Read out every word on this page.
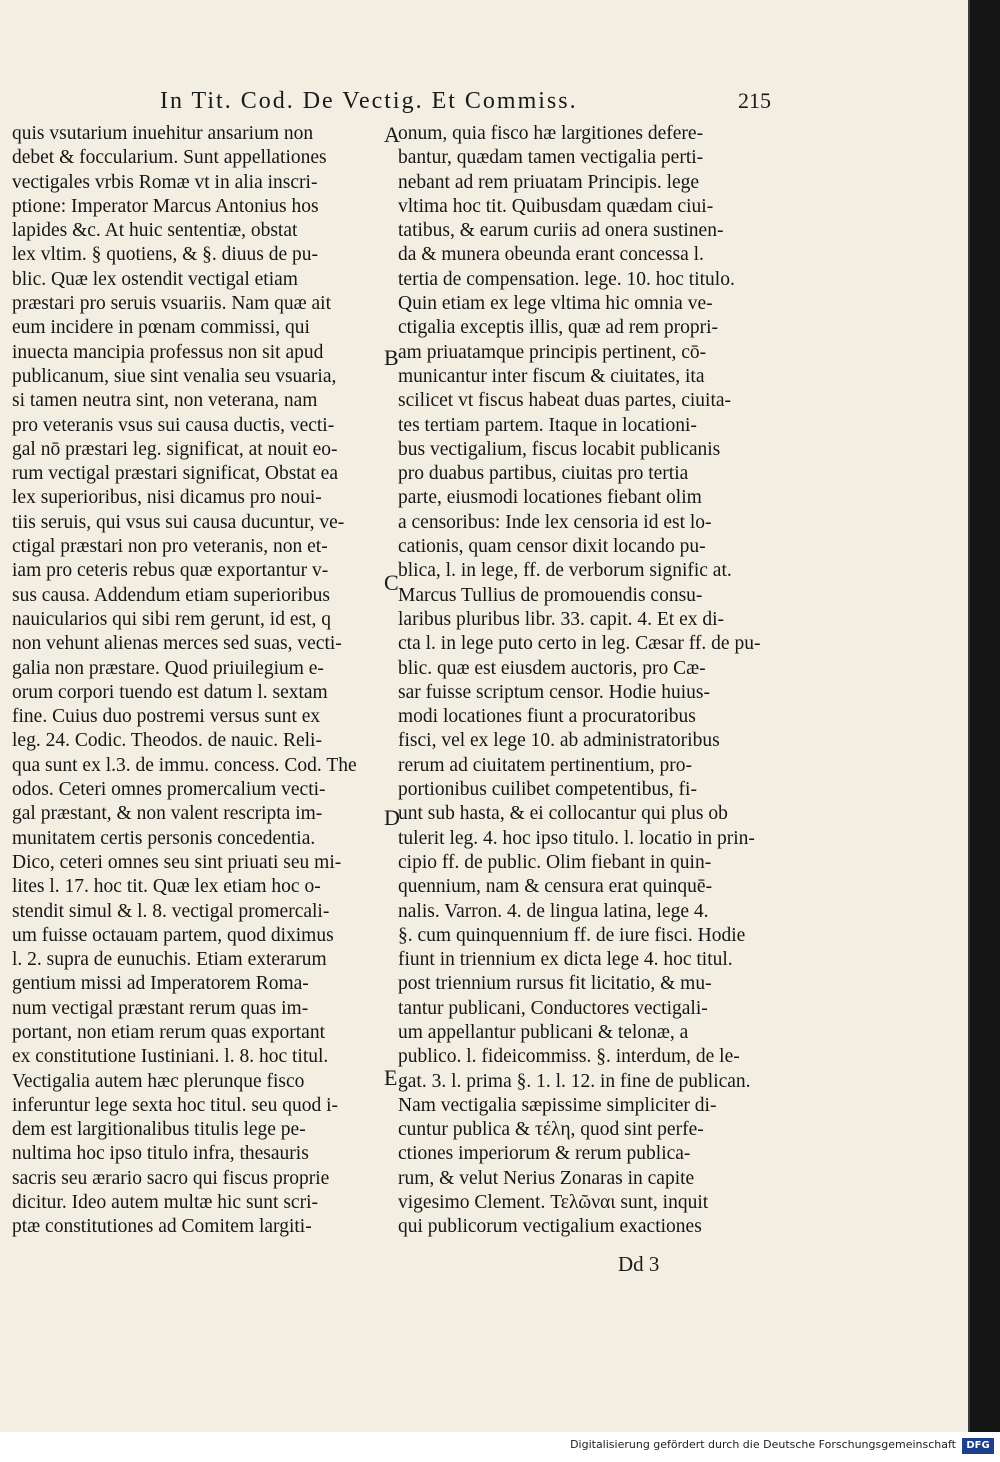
In Tit. Cod. De Vectig. Et Commiss.	215
quis vsutarium inuehitur ansarium non
debet & foccularium. Sunt appellationes
vectigales vrbis Romæ vt in alia inscri-
ptione: Imperator Marcus Antonius hos
lapides &c. At huic sententiæ, obstat
lex vltim. § quotiens, & §. diuus de pu-
blic. Quæ lex ostendit vectigal etiam
præstari pro seruis vsuariis. Nam quæ ait
eum incidere in pœnam commissi, qui
inuecta mancipia professus non sit apud
publicanum, siue sint venalia seu vsuaria,
si tamen neutra sint, non veterana, nam
pro veteranis vsus sui causa ductis, vecti-
gal nō præstari leg. significat, at nouit eo-
rum vectigal præstari significat, Obstat ea
lex superioribus, nisi dicamus pro noui-
tiis seruis, qui vsus sui causa ducuntur, ve-
ctigal præstari non pro veteranis, non et-
iam pro ceteris rebus quæ exportantur v-
sus causa. Addendum etiam superioribus
nauicularios qui sibi rem gerunt, id est, q
non vehunt alienas merces sed suas, vecti-
galia non præstare. Quod priuilegium e-
orum corpori tuendo est datum l. sextam
fine. Cuius duo postremi versus sunt ex
leg. 24. Codic. Theodos. de nauic. Reli-
qua sunt ex l.3. de immu. concess. Cod. The
odos. Ceteri omnes promercalium vecti-
gal præstant, & non valent rescripta im-
munitatem certis personis concedentia.
Dico, ceteri omnes seu sint priuati seu mi-
lites l. 17. hoc tit. Quæ lex etiam hoc o-
stendit simul & l. 8. vectigal promercali-
um fuisse octauam partem, quod diximus
l. 2. supra de eunuchis. Etiam exterarum
gentium missi ad Imperatorem Roma-
num vectigal præstant rerum quas im-
portant, non etiam rerum quas exportant
ex constitutione Iustiniani. l. 8. hoc titul.
Vectigalia autem hæc plerunque fisco
inferuntur lege sexta hoc titul. seu quod i-
dem est largitionalibus titulis lege pe-
nultima hoc ipso titulo infra, thesauris
sacris seu ærario sacro qui fiscus proprie
dicitur. Ideo autem multæ hic sunt scri-
ptæ constitutiones ad Comitem largiti-
onum, quia fisco hæ largitiones defere-
bantur, quædam tamen vectigalia perti-
nebant ad rem priuatam Principis. lege
vltima hoc tit. Quibusdam quædam ciui-
tatibus, & earum curiis ad onera sustinen-
da & munera obeunda erant concessa l.
tertia de compensation. lege. 10. hoc titulo.
Quin etiam ex lege vltima hic omnia ve-
ctigalia exceptis illis, quæ ad rem propri-
am priuatamque principis pertinent, cō-
municantur inter fiscum & ciuitates, ita
scilicet vt fiscus habeat duas partes, ciuita-
tes tertiam partem. Itaque in locationi-
bus vectigalium, fiscus locabit publicanis
pro duabus partibus, ciuitas pro tertia
parte, eiusmodi locationes fiebant olim
a censoribus: Inde lex censoria id est lo-
cationis, quam censor dixit locando pu-
blica, l. in lege, ff. de verborum signific at.
Marcus Tullius de promouendis consu-
laribus pluribus libr. 33. capit. 4. Et ex di-
cta l. in lege puto certo in leg. Cæsar ff. de pu-
blic. quæ est eiusdem auctoris, pro Cæ-
sar fuisse scriptum censor. Hodie huius-
modi locationes fiunt a procuratoribus
fisci, vel ex lege 10. ab administratoribus
rerum ad ciuitatem pertinentium, pro-
portionibus cuilibet competentibus, fi-
unt sub hasta, & ei collocantur qui plus ob
tulerit leg. 4. hoc ipso titulo. l. locatio in prin-
cipio ff. de public. Olim fiebant in quin-
quennium, nam & censura erat quinquē-
nalis. Varron. 4. de lingua latina, lege 4.
§. cum quinquennium ff. de iure fisci. Hodie
fiunt in triennium ex dicta lege 4. hoc titul.
post triennium rursus fit licitatio, & mu-
tantur publicani, Conductores vectigali-
um appellantur publicani & telonæ, a
publico. l. fideicommiss. §. interdum, de le-
gat. 3. l. prima §. 1. l. 12. in fine de publican.
Nam vectigalia sæpissime simpliciter di-
cuntur publica & τέλη, quod sint perfe-
ctiones imperiorum & rerum publica-
rum, & velut Nerius Zonaras in capite
vigesimo Clement. Τελῶναι sunt, inquit
qui publicorum vectigalium exactiones
A
B
C
D
E
Dd 3
Digitalisierung gefördert durch die Deutsche Forschungsgemeinschaft	DFG
